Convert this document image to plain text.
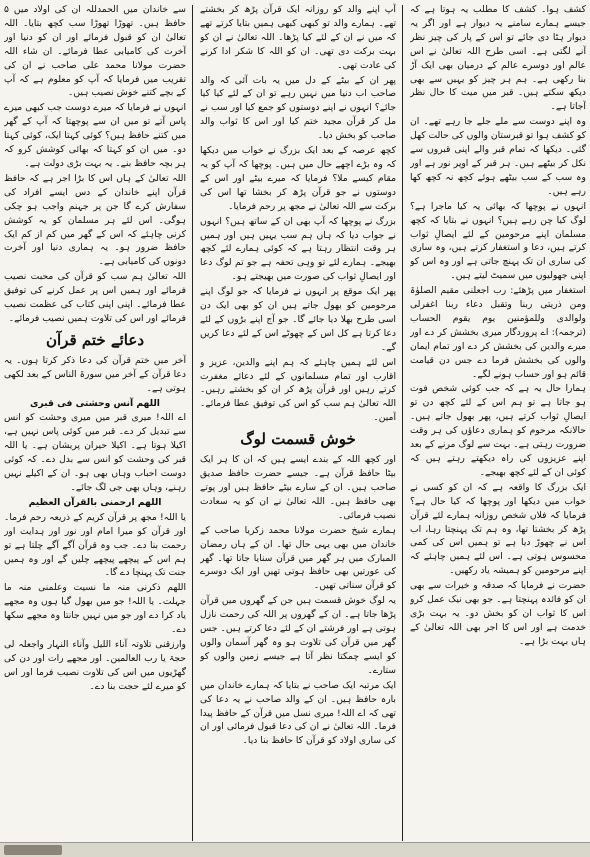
کشف ہوا۔ کشف کا مطلب یہ ہوتا ہے کہ جیسے ہمارے سامنے یہ دیوار ہے اور اگر یہ دیوار ہٹا دی جائے تو اس کے پار کی چیز نظر آنے لگتی ہے۔ اسی طرح اللہ تعالیٰ نے اس عالم اور دوسرے عالم کے درمیان بھی ایک آڑ بنا رکھی ہے۔ ہم ہر چیز کو یہیں سے بھی دیکھ سکتے ہیں۔ قبر میں میت کا حال نظر آجاتا ہے۔

وہ اپنے دوست سے ملے جلے جا رہے تھے۔ ان کو کشف ہوا تو قبرستان والوں کی حالت کھل گئی۔ دیکھا کہ تمام قبر والے اپنی قبروں سے نکل کر بیٹھے ہیں۔ ہر قبر کے اوپر نور ہے اور وہ سب کے سب بیٹھے ہوئے کچھ نہ کچھ کھا رہے ہیں۔

انہوں نے پوچھا کہ بھائی یہ کیا ماجرا ہے؟ لوگ کیا چن رہے ہیں؟ انہوں نے بتایا کہ کچھ مسلمان اپنے مرحومین کے لئے ایصالِ ثواب کرتے ہیں، دعا و استغفار کرتے ہیں، وہ ساری کی ساری ان تک پہنچ جاتی ہے اور وہ اس کو اپنی جھولیوں میں سمیٹ لیتے ہیں۔

استغفار میں پڑھئے: رب اجعلنی مقیم الصلوٰۃ ومن ذریتی ربنا وتقبل دعاء ربنا اغفرلی ولوالدی وللمؤمنین یوم یقوم الحساب (ترجمہ): اے پروردگار میری بخشش کر دے اور میرے والدین کی بخشش کر دے اور تمام ایمان والوں کی بخشش فرما دے جس دن قیامت قائم ہو اور حساب ہونے لگے۔

ہمارا حال یہ ہے کہ جب کوئی شخص فوت ہو جاتا ہے تو ہم اس کے لئے کچھ دن تو ایصالِ ثواب کرتے ہیں، پھر بھول جاتے ہیں۔ حالانکہ مرحوم کو ہماری دعاؤں کی ہر وقت ضرورت رہتی ہے۔ بہت سے لوگ مرنے کے بعد اپنے عزیزوں کی راہ دیکھتے رہتے ہیں کہ کوئی ان کے لئے کچھ بھیجے۔

ایک بزرگ کا واقعہ ہے کہ ان کو کسی نے خواب میں دیکھا اور پوچھا کہ کیا حال ہے؟ فرمایا کہ فلاں شخص روزانہ ہمارے لئے قرآن پڑھ کر بخشتا تھا، وہ ہم تک پہنچتا رہا، اب اس نے چھوڑ دیا ہے تو ہمیں اس کی کمی محسوس ہوتی ہے۔ اس لئے ہمیں چاہئے کہ اپنے مرحومین کو ہمیشہ یاد رکھیں۔

حضرت نے فرمایا کہ صدقہ و خیرات سے بھی ان کو فائدہ پہنچتا ہے۔ جو بھی نیک عمل کرو اس کا ثواب ان کو بخش دو۔ یہ بہت بڑی خدمت ہے اور اس کا اجر بھی اللہ تعالیٰ کے ہاں بہت بڑا ہے۔

آپ اپنے والد کو روزانہ ایک قرآن پڑھ کر بخشتے تھے۔ ہمارے والد تو کبھی کبھی ہمیں بتایا کرتے تھے کہ میں نے ان کے لئے کیا پڑھا۔ اللہ تعالیٰ نے ان کو بہت برکت دی تھی۔ ان کو اللہ کا شکر ادا کرنے کی عادت تھی۔

پھر ان کے بیٹے کے دل میں یہ بات آئی کہ والد صاحب اب دنیا میں نہیں رہے تو ان کے لئے کیا کیا جائے؟ انہوں نے اپنے دوستوں کو جمع کیا اور سب نے مل کر قرآن مجید ختم کیا اور اس کا ثواب والد صاحب کو بخش دیا۔

کچھ عرصہ کے بعد ایک بزرگ نے خواب میں دیکھا کہ وہ بڑے اچھے حال میں ہیں۔ پوچھا کہ آپ کو یہ مقام کیسے ملا؟ فرمایا کہ میرے بیٹے اور اس کے دوستوں نے جو قرآن پڑھ کر بخشا تھا اس کی برکت سے اللہ تعالیٰ نے مجھ پر رحم فرمایا۔

بزرگ نے پوچھا کہ آپ بھی ان کے ساتھ ہیں؟ انہوں نے جواب دیا کہ ہاں ہم سب یہیں ہیں اور ہمیں ہر وقت انتظار رہتا ہے کہ کوئی ہمارے لئے کچھ بھیجے۔ ہمارے لئے تو وہی تحفہ ہے جو تم لوگ دعا اور ایصالِ ثواب کی صورت میں بھیجتے ہو۔

پھر ایک موقع پر انہوں نے فرمایا کہ جو لوگ اپنے مرحومین کو بھول جاتے ہیں ان کو بھی ایک دن اسی طرح بھلا دیا جائے گا۔ جو آج اپنے بڑوں کے لئے دعا کرتا ہے کل اس کے چھوٹے اس کے لئے دعا کریں گے۔

اس لئے ہمیں چاہئے کہ ہم اپنے والدین، عزیز و اقارب اور تمام مسلمانوں کے لئے دعائے مغفرت کرتے رہیں اور قرآن پڑھ کر ان کو بخشتے رہیں۔ اللہ تعالیٰ ہم سب کو اس کی توفیق عطا فرمائے۔ آمین۔

خوش قسمت لوگ

اور کچھ اللہ کے بندے ایسے ہیں کہ ان کا ہر ایک بیٹا حافظ قرآن ہے۔ جیسے حضرت حافظ صدیق صاحب ہیں۔ ان کے سارے بیٹے حافظ ہیں اور پوتے بھی حافظ ہیں۔ اللہ تعالیٰ نے ان کو یہ سعادت نصیب فرمائی۔

ہمارے شیخ حضرت مولانا محمد زکریا صاحب کے خاندان میں بھی یہی حال تھا۔ ان کے ہاں رمضان المبارک میں ہر گھر میں قرآن سنایا جاتا تھا۔ گھر کی عورتیں بھی حافظ ہوتی تھیں اور ایک دوسرے کو قرآن سناتی تھیں۔

یہ لوگ خوش قسمت ہیں جن کے گھروں میں قرآن پڑھا جاتا ہے۔ ان کے گھروں پر اللہ کی رحمت نازل ہوتی ہے اور فرشتے ان کے لئے دعا کرتے ہیں۔ جس گھر میں قرآن کی تلاوت ہو وہ گھر آسمان والوں کو ایسے چمکتا نظر آتا ہے جیسے زمین والوں کو ستارے۔

ایک مرتبہ ایک صاحب نے بتایا کہ ہمارے خاندان میں بارہ حافظ ہیں۔ ان کے والد صاحب نے یہ دعا کی تھی کہ اے اللہ! میری نسل میں قرآن کے حافظ پیدا فرما۔ اللہ تعالیٰ نے ان کی دعا قبول فرمائی اور ان کی ساری اولاد کو قرآن کا حافظ بنا دیا۔

سے خاندان میں الحمدللہ ان کی اولاد میں ۵ حافظ ہیں۔ تھوڑا تھوڑا سب کچھ بتایا۔ اللہ تعالیٰ ان کو قبول فرمائے اور ان کو دنیا اور آخرت کی کامیابی عطا فرمائے۔ ان شاء اللہ حضرت مولانا محمد علی صاحب نے ان کی تقریب میں فرمایا کہ آپ کو معلوم ہے کہ آپ کے بچے کتنے خوش نصیب ہیں۔

انہوں نے فرمایا کہ میرے دوست جب کبھی میرے پاس آتے تو میں ان سے پوچھتا کہ آپ کے گھر میں کتنے حافظ ہیں؟ کوئی کہتا ایک، کوئی کہتا دو۔ میں ان کو کہتا کہ بھائی کوشش کرو کہ ہر بچہ حافظ بنے۔ یہ بہت بڑی دولت ہے۔

اللہ تعالیٰ کے ہاں اس کا بڑا اجر ہے کہ حافظ قرآن اپنے خاندان کے دس ایسے افراد کی سفارش کرے گا جن پر جہنم واجب ہو چکی ہوگی۔ اس لئے ہر مسلمان کو یہ کوشش کرنی چاہئے کہ اس کے گھر میں کم از کم ایک حافظ ضرور ہو۔ یہ ہماری دنیا اور آخرت دونوں کی کامیابی ہے۔

اللہ تعالیٰ ہم سب کو قرآن کی محبت نصیب فرمائے اور ہمیں اس پر عمل کرنے کی توفیق عطا فرمائے۔ اپنی اپنی کتاب کی عظمت نصیب فرمائے اور اس کی تلاوت ہمیں نصیب فرمائے۔

دعائے ختم قرآن

آخر میں ختم قرآن کی دعا ذکر کرتا ہوں۔ یہ دعا قرآن کے آخر میں سورۃ الناس کے بعد لکھی ہوتی ہے۔

اللھم آنس وحشتی فی قبری

اے اللہ! میری قبر میں میری وحشت کو انس سے تبدیل کر دے۔ قبر میں کوئی پاس نہیں ہے، اکیلا ہوتا ہے۔ اکیلا حیران پریشان ہے۔ یا اللہ قبر کی وحشت کو انس سے بدل دے۔ کہ کوئی دوست احباب وہاں بھی ہو۔ ان کے اکیلے نہیں رہنے، وہاں بھی جی لگ جائے۔

اللھم ارحمنی بالقرآن العظیم

یا اللہ! مجھ پر قرآن کریم کے ذریعہ رحم فرما۔ اور قرآن کو میرا امام اور نور اور ہدایت اور رحمت بنا دے۔ جب وہ قرآن آگے آگے چلتا ہے تو ہم اس کے پیچھے پیچھے چلیں گے اور وہ ہمیں جنت تک پہنچا دے گا۔

اللھم ذکرنی منہ ما نسیت وعلمنی منہ ما جہلت۔ یا اللہ! جو میں بھول گیا ہوں وہ مجھے یاد کرا دے اور جو میں نہیں جانتا وہ مجھے سکھا دے۔

وارزقنی تلاوتہ آناء اللیل وآناء النہار واجعلہ لی حجۃ یا رب العالمین۔ اور مجھے رات اور دن کی گھڑیوں میں اس کی تلاوت نصیب فرما اور اس کو میرے لئے حجت بنا دے۔
